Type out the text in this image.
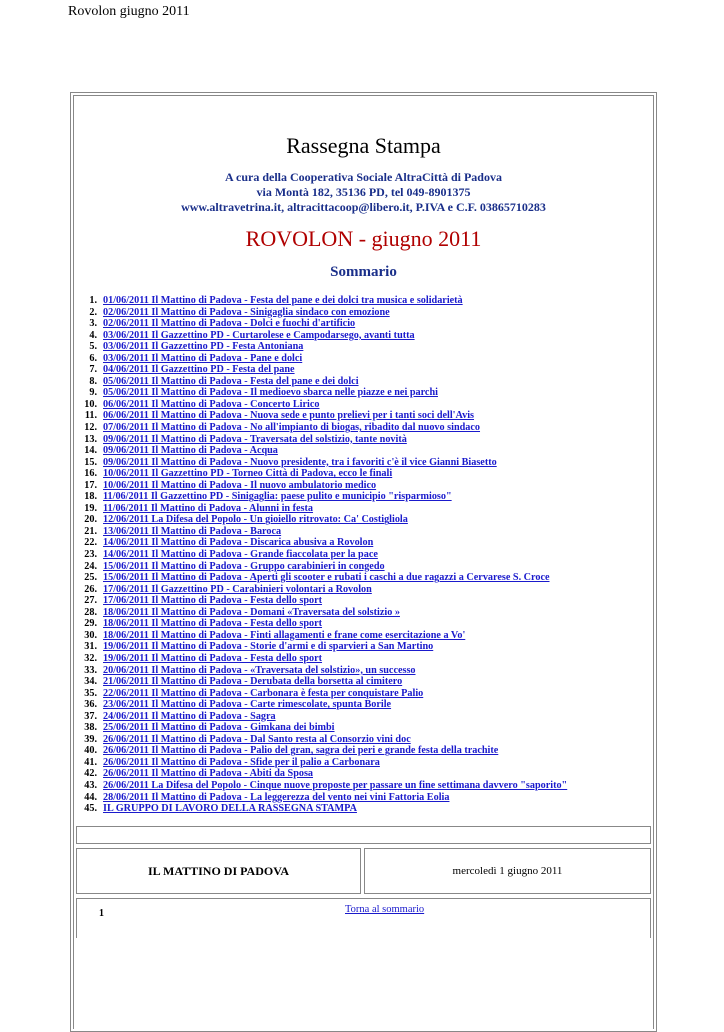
Rovolon giugno 2011
Rassegna Stampa
A cura della Cooperativa Sociale AltraCittà di Padova
via Montà 182, 35136 PD, tel 049-8901375
www.altravetrina.it, altracittacoop@libero.it, P.IVA e C.F. 03865710283
ROVOLON - giugno 2011
Sommario
1. 01/06/2011 Il Mattino di Padova - Festa del pane e dei dolci tra musica e solidarietà
2. 02/06/2011 Il Mattino di Padova - Sinigaglia sindaco con emozione
3. 02/06/2011 Il Mattino di Padova - Dolci e fuochi d'artificio
4. 03/06/2011 Il Gazzettino PD - Curtarolese e Campodarsego, avanti tutta
5. 03/06/2011 Il Gazzettino PD - Festa Antoniana
6. 03/06/2011 Il Mattino di Padova - Pane e dolci
7. 04/06/2011 Il Gazzettino PD - Festa del pane
8. 05/06/2011 Il Mattino di Padova - Festa del pane e dei dolci
9. 05/06/2011 Il Mattino di Padova - Il medioevo sbarca nelle piazze e nei parchi
10. 06/06/2011 Il Mattino di Padova - Concerto Lirico
11. 06/06/2011 Il Mattino di Padova - Nuova sede e punto prelievi per i tanti soci dell'Avis
12. 07/06/2011 Il Mattino di Padova - No all'impianto di biogas, ribadito dal nuovo sindaco
13. 09/06/2011 Il Mattino di Padova - Traversata del solstizio, tante novità
14. 09/06/2011 Il Mattino di Padova - Acqua
15. 09/06/2011 Il Mattino di Padova - Nuovo presidente, tra i favoriti c'è il vice Gianni Biasetto
16. 10/06/2011 Il Gazzettino PD - Torneo Città di Padova, ecco le finali
17. 10/06/2011 Il Mattino di Padova - Il nuovo ambulatorio medico
18. 11/06/2011 Il Gazzettino PD - Sinigaglia: paese pulito e municipio "risparmioso"
19. 11/06/2011 Il Mattino di Padova - Alunni in festa
20. 12/06/2011 La Difesa del Popolo - Un gioiello ritrovato: Ca' Costigliola
21. 13/06/2011 Il Mattino di Padova - Baroca
22. 14/06/2011 Il Mattino di Padova - Discarica abusiva a Rovolon
23. 14/06/2011 Il Mattino di Padova - Grande fiaccolata per la pace
24. 15/06/2011 Il Mattino di Padova - Gruppo carabinieri in congedo
25. 15/06/2011 Il Mattino di Padova - Aperti gli scooter e rubati i caschi a due ragazzi a Cervarese S. Croce
26. 17/06/2011 Il Gazzettino PD - Carabinieri volontari a Rovolon
27. 17/06/2011 Il Mattino di Padova - Festa dello sport
28. 18/06/2011 Il Mattino di Padova - Domani «Traversata del solstizio »
29. 18/06/2011 Il Mattino di Padova - Festa dello sport
30. 18/06/2011 Il Mattino di Padova - Finti allagamenti e frane come esercitazione a Vo'
31. 19/06/2011 Il Mattino di Padova - Storie d'armi e di sparvieri a San Martino
32. 19/06/2011 Il Mattino di Padova - Festa dello sport
33. 20/06/2011 Il Mattino di Padova - «Traversata del solstizio», un successo
34. 21/06/2011 Il Mattino di Padova - Derubata della borsetta al cimitero
35. 22/06/2011 Il Mattino di Padova - Carbonara è festa per conquistare Palio
36. 23/06/2011 Il Mattino di Padova - Carte rimescolate, spunta Borile
37. 24/06/2011 Il Mattino di Padova - Sagra
38. 25/06/2011 Il Mattino di Padova - Gimkana dei bimbi
39. 26/06/2011 Il Mattino di Padova - Dal Santo resta al Consorzio vini doc
40. 26/06/2011 Il Mattino di Padova - Palio del gran, sagra dei peri e grande festa della trachite
41. 26/06/2011 Il Mattino di Padova - Sfide per il palio a Carbonara
42. 26/06/2011 Il Mattino di Padova - Abiti da Sposa
43. 26/06/2011 La Difesa del Popolo - Cinque nuove proposte per passare un fine settimana davvero "saporito"
44. 28/06/2011 Il Mattino di Padova - La leggerezza del vento nei vini Fattoria Eolia
45. IL GRUPPO DI LAVORO DELLA RASSEGNA STAMPA
IL MATTINO DI PADOVA	mercoledì 1 giugno 2011
1	Torna al sommario
